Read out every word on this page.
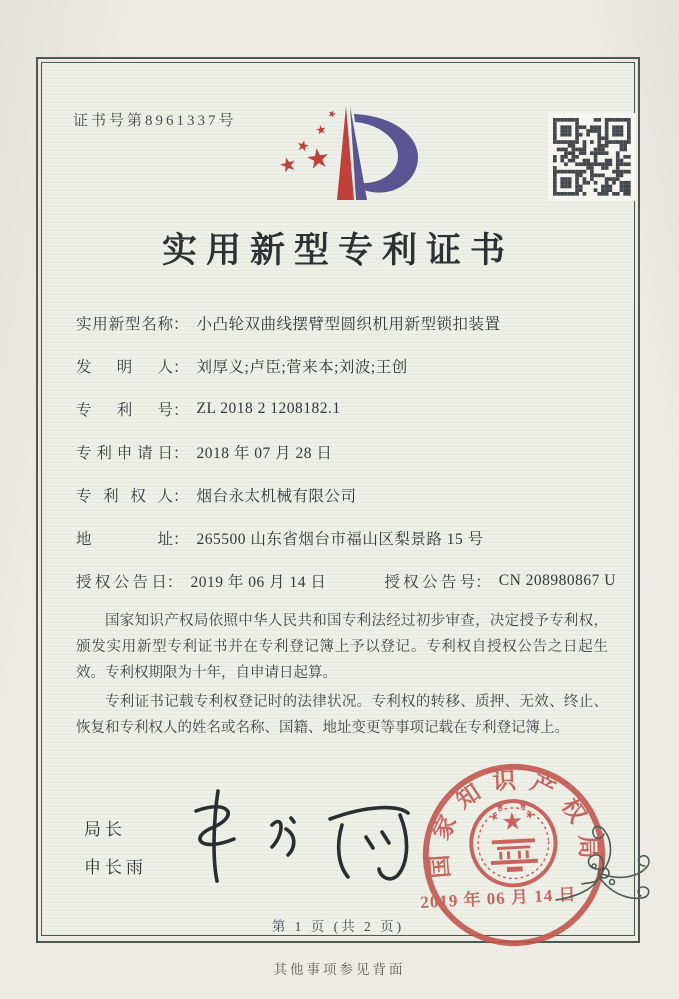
证书号第8961337号
实用新型专利证书
实用新型名称 ： 小凸轮双曲线摆臂型圆织机用新型锁扣装置
发明人 ： 刘厚义;卢臣;菅来本;刘波;王创
专利号 ： ZL 2018 2 1208182.1
专利申请日 ： 2018 年 07 月 28 日
专利权人 ： 烟台永太机械有限公司
地址 ： 265500 山东省烟台市福山区梨景路 15 号
授权公告日 ： 2019 年 06 月 14 日	授权公告号 ： CN 208980867 U

国家知识产权局依照中华人民共和国专利法经过初步审查，决定授予专利权，颁发实用新型专利证书并在专利登记簿上予以登记。专利权自授权公告之日起生效。专利权期限为十年，自申请日起算。

专利证书记载专利权登记时的法律状况。专利权的转移、质押、无效、终止、恢复和专利权人的姓名或名称、国籍、地址变更等事项记载在专利登记簿上。

局长
申长雨	国家知识产权局
2019 年 06 月 14 日
第 1 页 (共 2 页)
其他事项参见背面
